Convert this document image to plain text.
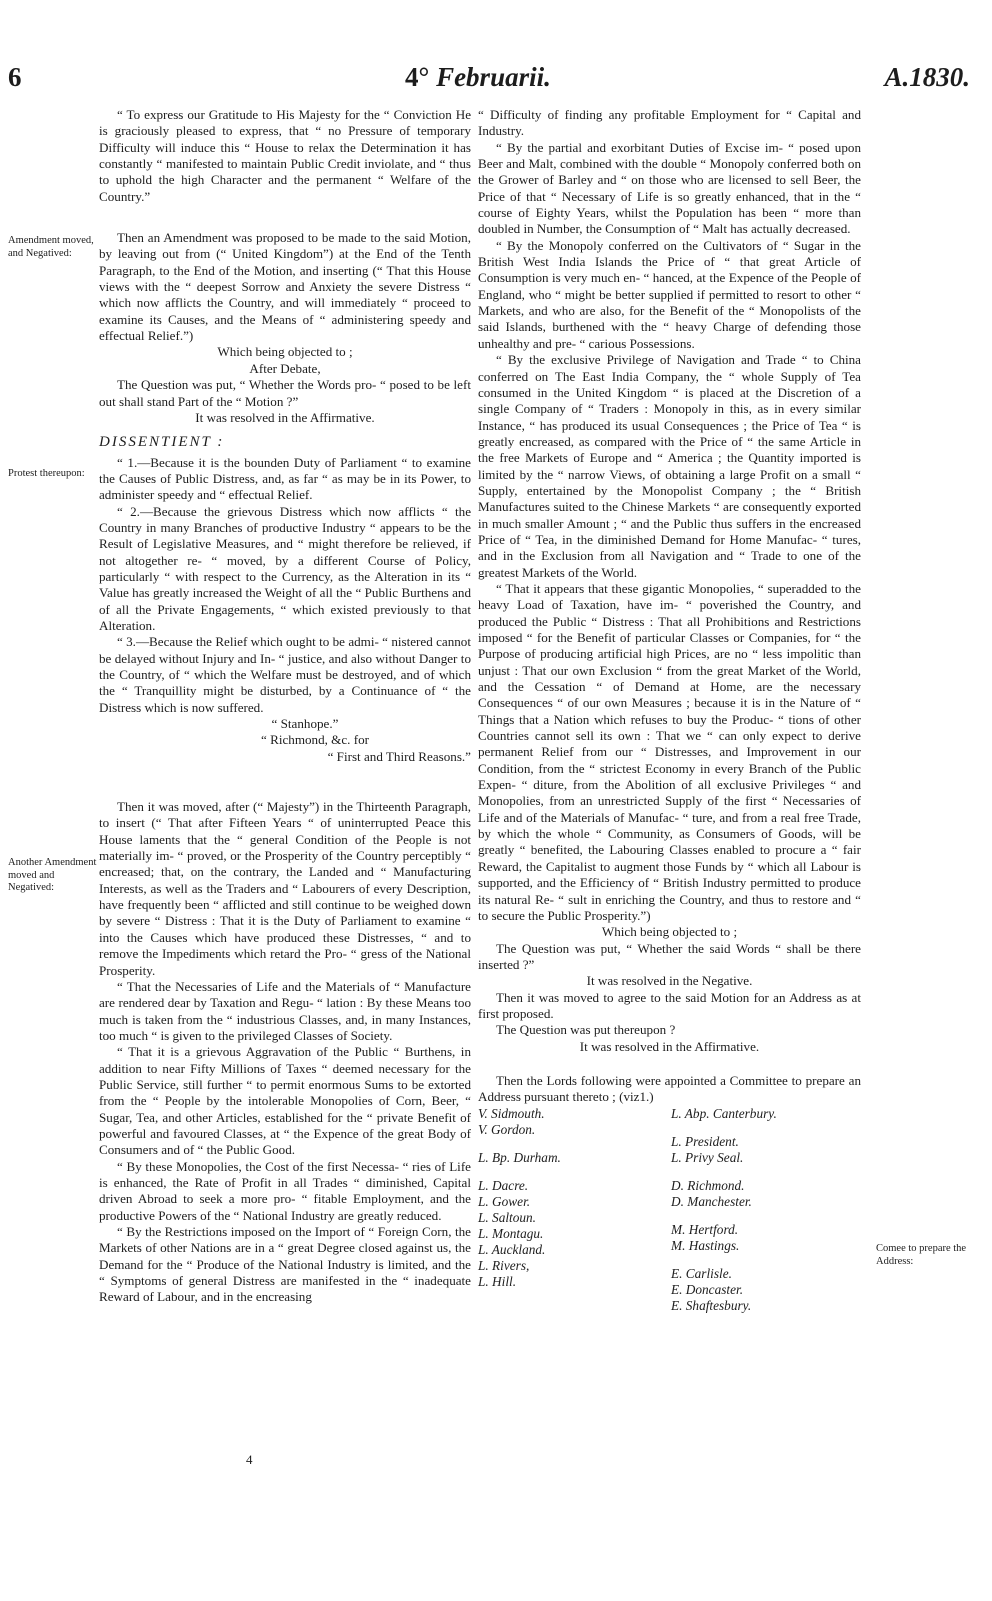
6	4° Februarii.	A.1830.
Amendment moved, and Negatived:
Protest thereupon:
Another Amendment moved and Negatived:
Comee to prepare the Address:

“ To express our Gratitude to His Majesty for the “ Conviction He is graciously pleased to express, that “ no Pressure of temporary Difficulty will induce this “ House to relax the Determination it has constantly “ manifested to maintain Public Credit inviolate, and “ thus to uphold the high Character and the permanent “ Welfare of the Country.”

Then an Amendment was proposed to be made to the said Motion, by leaving out from (“ United Kingdom”) at the End of the Tenth Paragraph, to the End of the Motion, and inserting (“ That this House views with the “ deepest Sorrow and Anxiety the severe Distress “ which now afflicts the Country, and will immediately “ proceed to examine its Causes, and the Means of “ administering speedy and effectual Relief.”)

Which being objected to ;

After Debate,

The Question was put, “ Whether the Words pro- “ posed to be left out shall stand Part of the “ Motion ?”

It was resolved in the Affirmative.

DISSENTIENT :

“ 1.—Because it is the bounden Duty of Parliament “ to examine the Causes of Public Distress, and, as far “ as may be in its Power, to administer speedy and “ effectual Relief.

“ 2.—Because the grievous Distress which now afflicts “ the Country in many Branches of productive Industry “ appears to be the Result of Legislative Measures, and “ might therefore be relieved, if not altogether re- “ moved, by a different Course of Policy, particularly “ with respect to the Currency, as the Alteration in its “ Value has greatly increased the Weight of all the “ Public Burthens and of all the Private Engagements, “ which existed previously to that Alteration.

“ 3.—Because the Relief which ought to be admi- “ nistered cannot be delayed without Injury and In- “ justice, and also without Danger to the Country, of “ which the Welfare must be destroyed, and of which the “ Tranquillity might be disturbed, by a Continuance of “ the Distress which is now suffered.

“ Stanhope.”

“ Richmond, &c. for

“ First and Third Reasons.”

Then it was moved, after (“ Majesty”) in the Thirteenth Paragraph, to insert (“ That after Fifteen Years “ of uninterrupted Peace this House laments that the “ general Condition of the People is not materially im- “ proved, or the Prosperity of the Country perceptibly “ encreased; that, on the contrary, the Landed and “ Manufacturing Interests, as well as the Traders and “ Labourers of every Description, have frequently been “ afflicted and still continue to be weighed down by severe “ Distress : That it is the Duty of Parliament to examine “ into the Causes which have produced these Distresses, “ and to remove the Impediments which retard the Pro- “ gress of the National Prosperity.

“ That the Necessaries of Life and the Materials of “ Manufacture are rendered dear by Taxation and Regu- “ lation : By these Means too much is taken from the “ industrious Classes, and, in many Instances, too much “ is given to the privileged Classes of Society.

“ That it is a grievous Aggravation of the Public “ Burthens, in addition to near Fifty Millions of Taxes “ deemed necessary for the Public Service, still further “ to permit enormous Sums to be extorted from the “ People by the intolerable Monopolies of Corn, Beer, “ Sugar, Tea, and other Articles, established for the “ private Benefit of powerful and favoured Classes, at “ the Expence of the great Body of Consumers and of “ the Public Good.

“ By these Monopolies, the Cost of the first Necessa- “ ries of Life is enhanced, the Rate of Profit in all Trades “ diminished, Capital driven Abroad to seek a more pro- “ fitable Employment, and the productive Powers of the “ National Industry are greatly reduced.

“ By the Restrictions imposed on the Import of “ Foreign Corn, the Markets of other Nations are in a “ great Degree closed against us, the Demand for the “ Produce of the National Industry is limited, and the “ Symptoms of general Distress are manifested in the “ inadequate Reward of Labour, and in the encreasing

“ Difficulty of finding any profitable Employment for “ Capital and Industry.

“ By the partial and exorbitant Duties of Excise im- “ posed upon Beer and Malt, combined with the double “ Monopoly conferred both on the Grower of Barley and “ on those who are licensed to sell Beer, the Price of that “ Necessary of Life is so greatly enhanced, that in the “ course of Eighty Years, whilst the Population has been “ more than doubled in Number, the Consumption of “ Malt has actually decreased.

“ By the Monopoly conferred on the Cultivators of “ Sugar in the British West India Islands the Price of “ that great Article of Consumption is very much en- “ hanced, at the Expence of the People of England, who “ might be better supplied if permitted to resort to other “ Markets, and who are also, for the Benefit of the “ Monopolists of the said Islands, burthened with the “ heavy Charge of defending those unhealthy and pre- “ carious Possessions.

“ By the exclusive Privilege of Navigation and Trade “ to China conferred on The East India Company, the “ whole Supply of Tea consumed in the United Kingdom “ is placed at the Discretion of a single Company of “ Traders : Monopoly in this, as in every similar Instance, “ has produced its usual Consequences ; the Price of Tea “ is greatly encreased, as compared with the Price of “ the same Article in the free Markets of Europe and “ America ; the Quantity imported is limited by the “ narrow Views, of obtaining a large Profit on a small “ Supply, entertained by the Monopolist Company ; the “ British Manufactures suited to the Chinese Markets “ are consequently exported in much smaller Amount ; “ and the Public thus suffers in the encreased Price of “ Tea, in the diminished Demand for Home Manufac- “ tures, and in the Exclusion from all Navigation and “ Trade to one of the greatest Markets of the World.

“ That it appears that these gigantic Monopolies, “ superadded to the heavy Load of Taxation, have im- “ poverished the Country, and produced the Public “ Distress : That all Prohibitions and Restrictions imposed “ for the Benefit of particular Classes or Companies, for “ the Purpose of producing artificial high Prices, are no “ less impolitic than unjust : That our own Exclusion “ from the great Market of the World, and the Cessation “ of Demand at Home, are the necessary Consequences “ of our own Measures ; because it is in the Nature of “ Things that a Nation which refuses to buy the Produc- “ tions of other Countries cannot sell its own : That we “ can only expect to derive permanent Relief from our “ Distresses, and Improvement in our Condition, from the “ strictest Economy in every Branch of the Public Expen- “ diture, from the Abolition of all exclusive Privileges “ and Monopolies, from an unrestricted Supply of the first “ Necessaries of Life and of the Materials of Manufac- “ ture, and from a real free Trade, by which the whole “ Community, as Consumers of Goods, will be greatly “ benefited, the Labouring Classes enabled to procure a “ fair Reward, the Capitalist to augment those Funds by “ which all Labour is supported, and the Efficiency of “ British Industry permitted to produce its natural Re- “ sult in enriching the Country, and thus to restore and “ to secure the Public Prosperity.”)

Which being objected to ;

The Question was put, “ Whether the said Words “ shall be there inserted ?”

It was resolved in the Negative.

Then it was moved to agree to the said Motion for an Address as at first proposed.

The Question was put thereupon ?

It was resolved in the Affirmative.

Then the Lords following were appointed a Committee to prepare an Address pursuant thereto ; (viz1.)

V. Sidmouth.
V. Gordon.
L. Bp. Durham.
L. Dacre.
L. Gower.
L. Saltoun.
L. Montagu.
L. Auckland.
L. Rivers,
L. Hill.
L. Abp. Canterbury.
L. President.
L. Privy Seal.
D. Richmond.
D. Manchester.
M. Hertford.
M. Hastings.
E. Carlisle.
E. Doncaster.
E. Shaftesbury.
4
